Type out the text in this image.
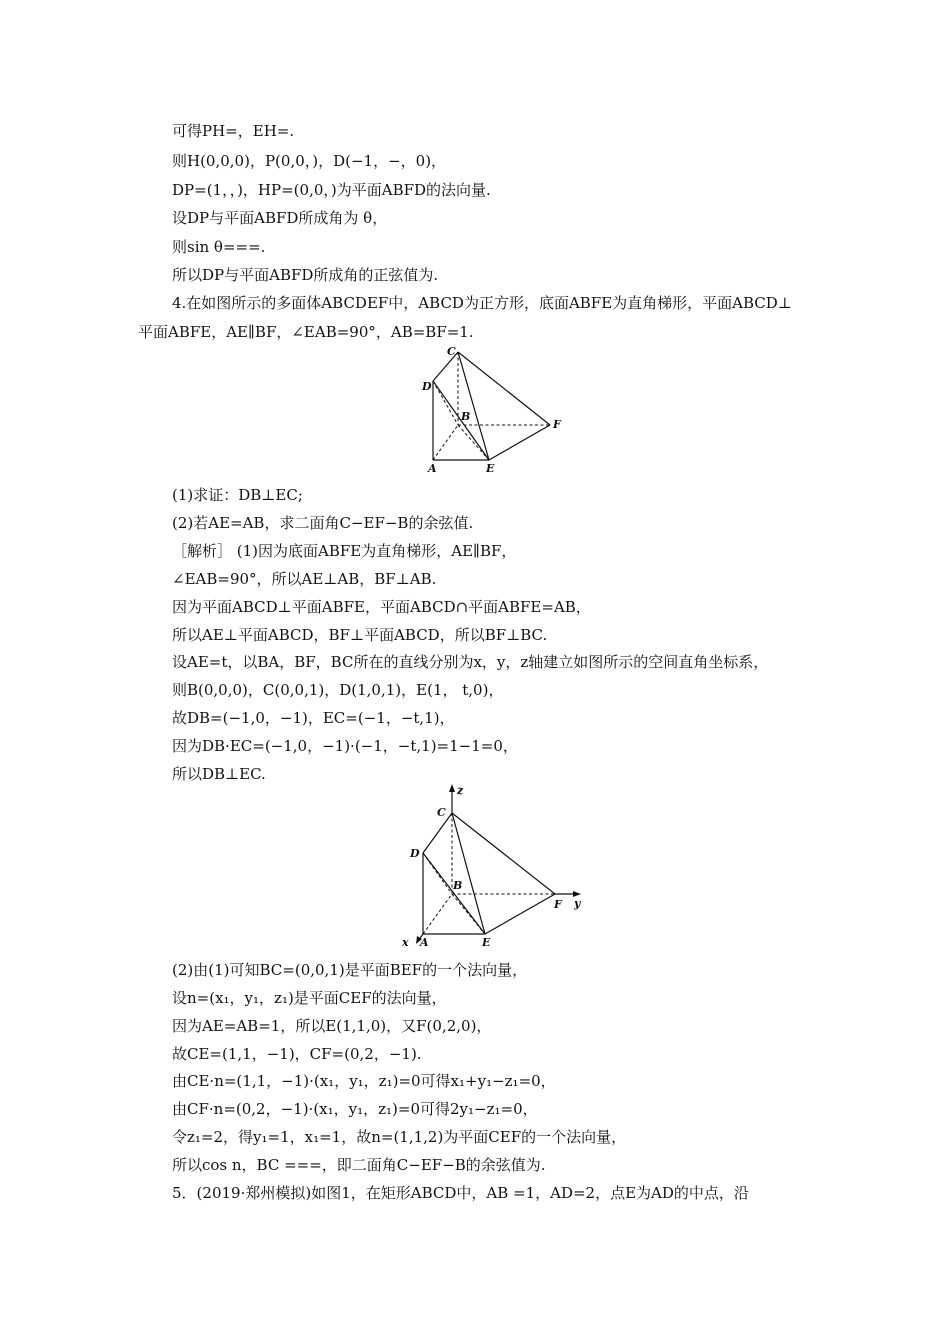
可得PH=，EH=.
则H(0,0,0)，P(0,0，)，D(−1，−，0)，
DP=(1，，)，HP=(0,0，)为平面ABFD的法向量.
设DP与平面ABFD所成角为 θ，
则sin θ===.
所以DP与平面ABFD所成角的正弦值为.
4.在如图所示的多面体ABCDEF中，ABCD为正方形，底面ABFE为直角梯形，平面ABCD⊥
平面ABFE，AE∥BF，∠EAB=90°，AB=BF=1.
C
D
B
F
A	E
(1)求证：DB⊥EC;
(2)若AE=AB，求二面角C−EF−B的余弦值.
［解析］ (1)因为底面ABFE为直角梯形，AE∥BF，
∠EAB=90°，所以AE⊥AB，BF⊥AB.
因为平面ABCD⊥平面ABFE，平面ABCD∩平面ABFE=AB，
所以AE⊥平面ABCD，BF⊥平面ABCD，所以BF⊥BC.
设AE=t，以BA，BF，BC所在的直线分别为x，y，z轴建立如图所示的空间直角坐标系，
则B(0,0,0)，C(0,0,1)，D(1,0,1)，E(1， t,0)，
故DB=(−1,0，−1)，EC=(−1，−t,1)，
因为DB·EC=(−1,0，−1)·(−1，−t,1)=1−1=0，
所以DB⊥EC.
z
y
x
C
D
B
F
A	E
(2)由(1)可知BC=(0,0,1)是平面BEF的一个法向量，
设n=(x₁，y₁，z₁)是平面CEF的法向量，
因为AE=AB=1，所以E(1,1,0)，又F(0,2,0)，
故CE=(1,1，−1)，CF=(0,2，−1).
由CE·n=(1,1，−1)·(x₁，y₁，z₁)=0可得x₁+y₁−z₁=0，
由CF·n=(0,2，−1)·(x₁，y₁，z₁)=0可得2y₁−z₁=0，
令z₁=2，得y₁=1，x₁=1，故n=(1,1,2)为平面CEF的一个法向量，
所以cos n，BC ===，即二面角C−EF−B的余弦值为.
5．(2019·郑州模拟)如图1，在矩形ABCD中，AB =1，AD=2，点E为AD的中点，沿
